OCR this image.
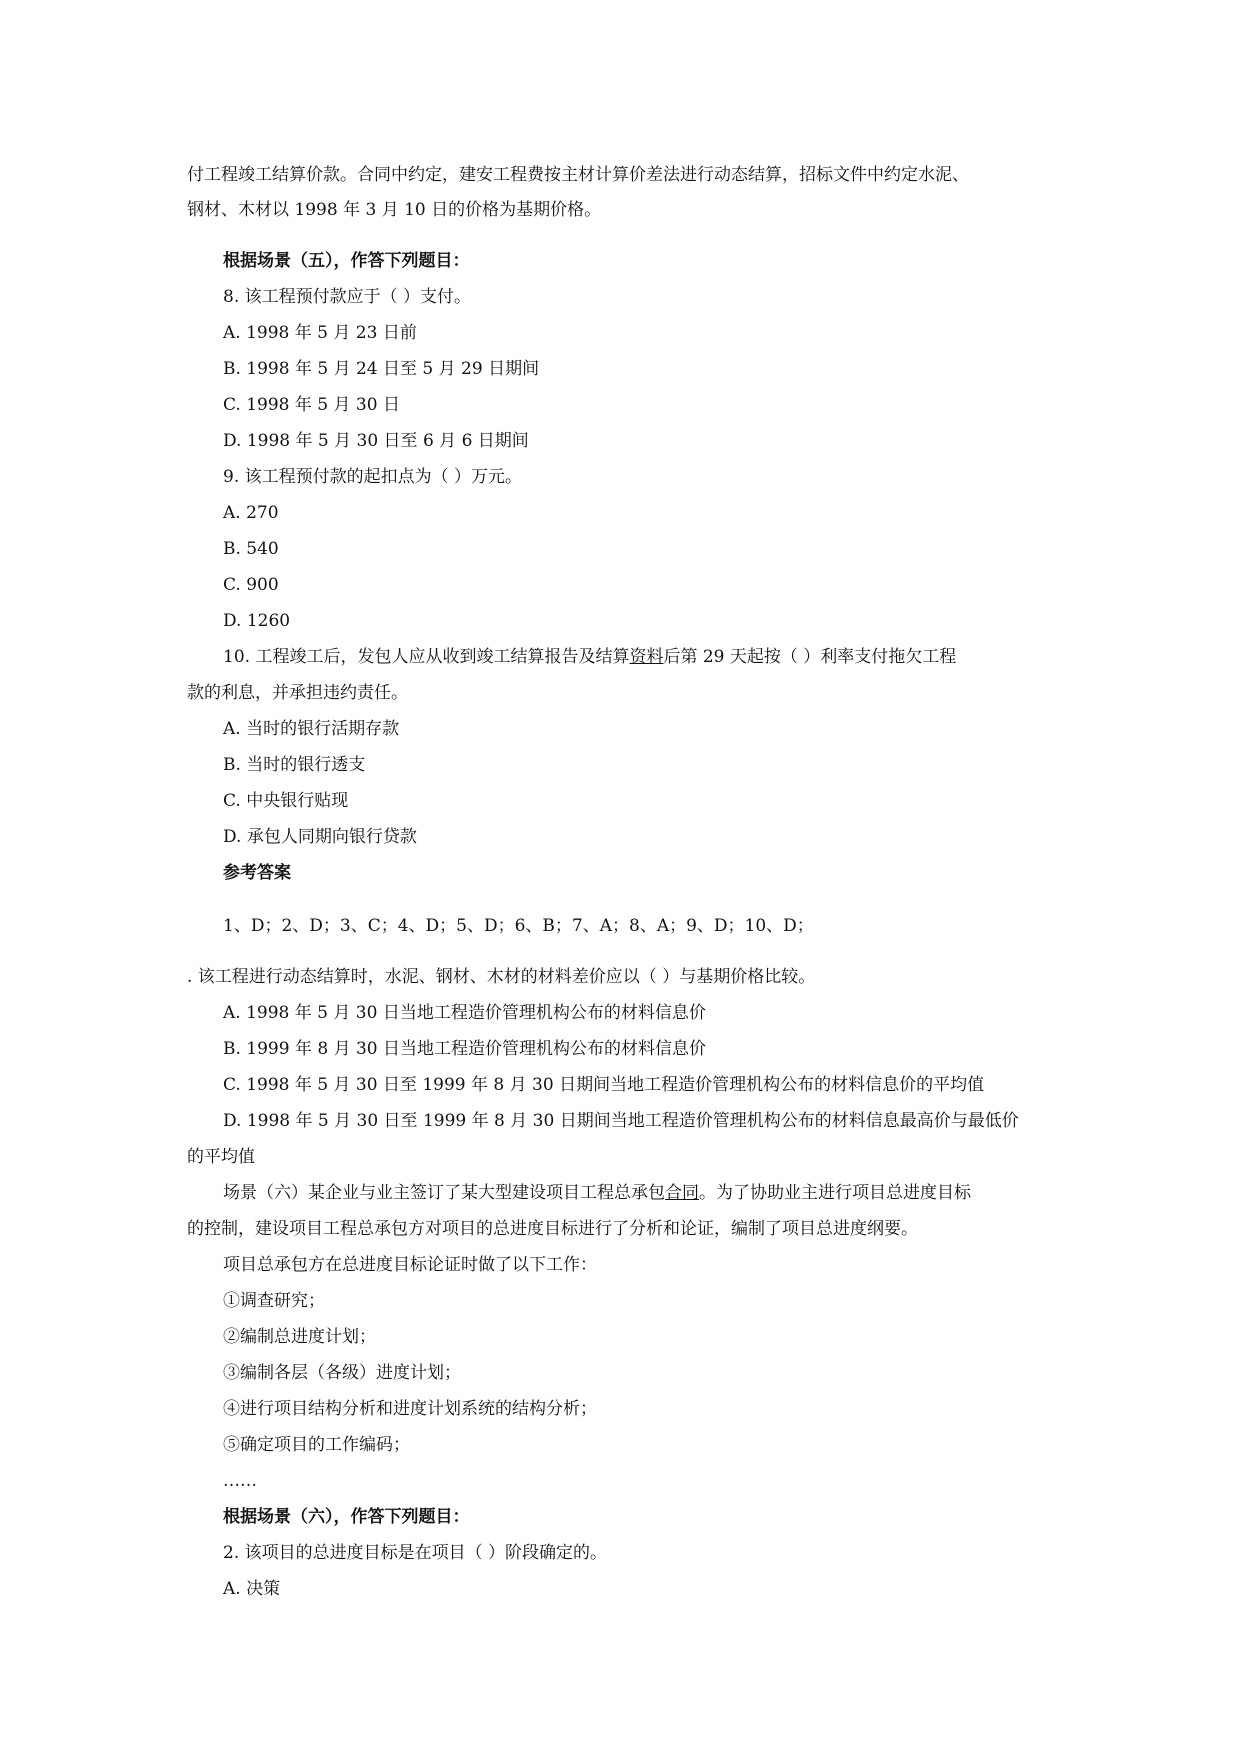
付工程竣工结算价款。合同中约定，建安工程费按主材计算价差法进行动态结算，招标文件中约定水泥、
钢材、木材以 1998 年 3 月 10 日的价格为基期价格。
根据场景（五），作答下列题目：
8. 该工程预付款应于（ ）支付。
A. 1998 年 5 月 23 日前
B. 1998 年 5 月 24 日至 5 月 29 日期间
C. 1998 年 5 月 30 日
D. 1998 年 5 月 30 日至 6 月 6 日期间
9. 该工程预付款的起扣点为（ ）万元。
A. 270
B. 540
C. 900
D. 1260
10. 工程竣工后，发包人应从收到竣工结算报告及结算资料后第 29 天起按（ ）利率支付拖欠工程
款的利息，并承担违约责任。
A. 当时的银行活期存款
B. 当时的银行透支
C. 中央银行贴现
D. 承包人同期向银行贷款
参考答案
1、D；2、D；3、C；4、D；5、D；6、B；7、A；8、A；9、D；10、D；
. 该工程进行动态结算时，水泥、钢材、木材的材料差价应以（ ）与基期价格比较。
A. 1998 年 5 月 30 日当地工程造价管理机构公布的材料信息价
B. 1999 年 8 月 30 日当地工程造价管理机构公布的材料信息价
C. 1998 年 5 月 30 日至 1999 年 8 月 30 日期间当地工程造价管理机构公布的材料信息价的平均值
D. 1998 年 5 月 30 日至 1999 年 8 月 30 日期间当地工程造价管理机构公布的材料信息最高价与最低价
的平均值
场景（六）某企业与业主签订了某大型建设项目工程总承包合同。为了协助业主进行项目总进度目标
的控制，建设项目工程总承包方对项目的总进度目标进行了分析和论证，编制了项目总进度纲要。
项目总承包方在总进度目标论证时做了以下工作：
①调查研究；
②编制总进度计划；
③编制各层（各级）进度计划；
④进行项目结构分析和进度计划系统的结构分析；
⑤确定项目的工作编码；
……
根据场景（六），作答下列题目：
2. 该项目的总进度目标是在项目（ ）阶段确定的。
A. 决策
